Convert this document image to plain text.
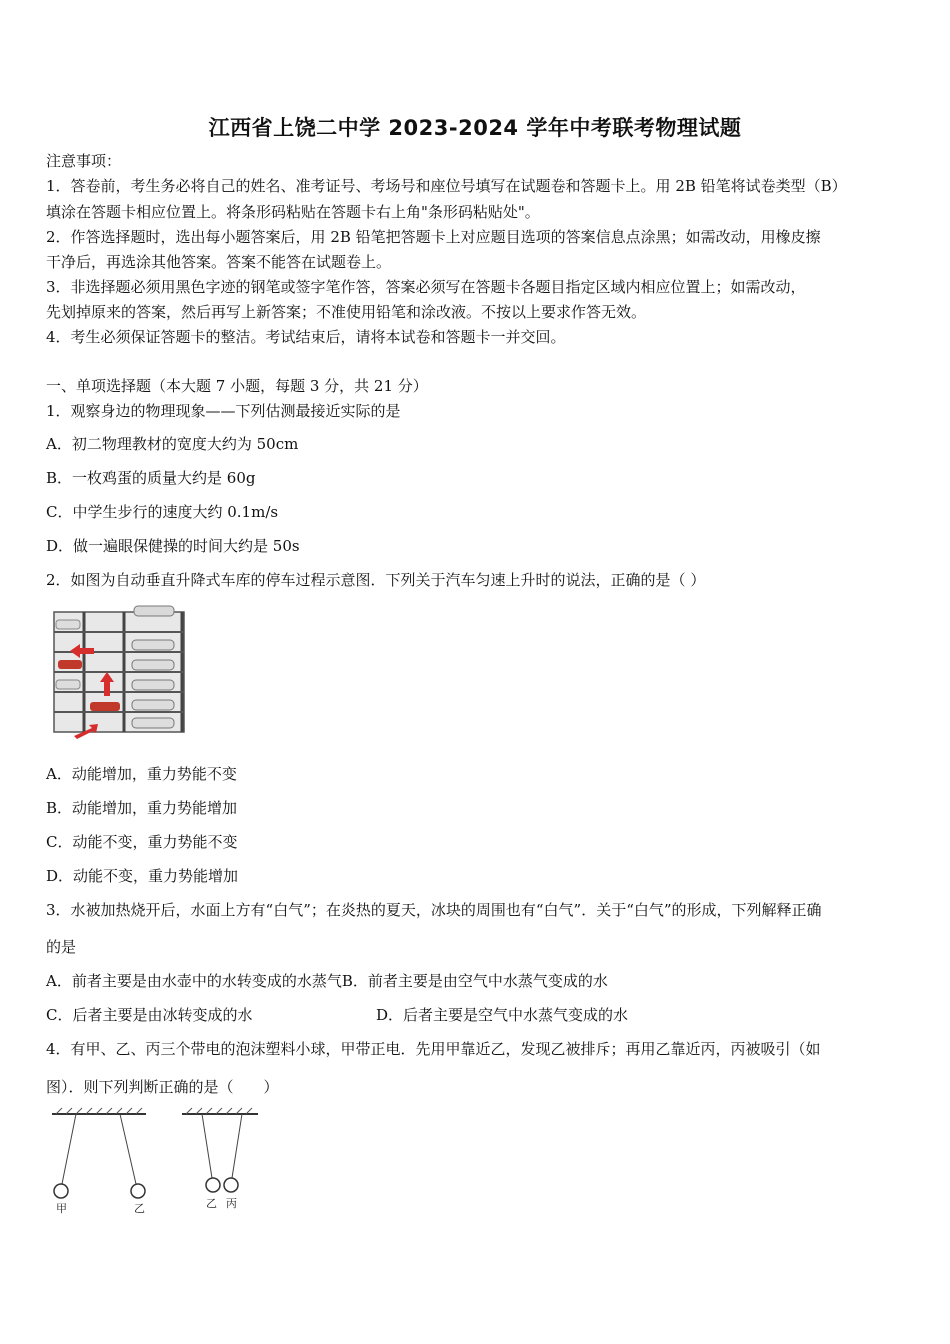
江西省上饶二中学 2023-2024 学年中考联考物理试题
注意事项：
1．答卷前，考生务必将自己的姓名、准考证号、考场号和座位号填写在试题卷和答题卡上。用 2B 铅笔将试卷类型（B）
填涂在答题卡相应位置上。将条形码粘贴在答题卡右上角"条形码粘贴处"。
2．作答选择题时，选出每小题答案后，用 2B 铅笔把答题卡上对应题目选项的答案信息点涂黑；如需改动，用橡皮擦
干净后，再选涂其他答案。答案不能答在试题卷上。
3．非选择题必须用黑色字迹的钢笔或签字笔作答，答案必须写在答题卡各题目指定区域内相应位置上；如需改动，
先划掉原来的答案，然后再写上新答案；不准使用铅笔和涂改液。不按以上要求作答无效。
4．考生必须保证答题卡的整洁。考试结束后，请将本试卷和答题卡一并交回。
一、单项选择题（本大题 7 小题，每题 3 分，共 21 分）
1．观察身边的物理现象——下列估测最接近实际的是
A．初二物理教材的宽度大约为 50cm
B．一枚鸡蛋的质量大约是 60g
C．中学生步行的速度大约 0.1m/s
D．做一遍眼保健操的时间大约是 50s
2．如图为自动垂直升降式车库的停车过程示意图．下列关于汽车匀速上升时的说法，正确的是（ ）
A．动能增加，重力势能不变
B．动能增加，重力势能增加
C．动能不变，重力势能不变
D．动能不变，重力势能增加
3．水被加热烧开后，水面上方有“白气”；在炎热的夏天，冰块的周围也有“白气”．关于“白气”的形成，下列解释正确
的是
A．前者主要是由水壶中的水转变成的水蒸气B．前者主要是由空气中水蒸气变成的水
C．后者主要是由冰转变成的水	D．后者主要是空气中水蒸气变成的水
4．有甲、乙、丙三个带电的泡沫塑料小球，甲带正电．先用甲靠近乙，发现乙被排斥；再用乙靠近丙，丙被吸引（如
图）．则下列判断正确的是（　　）
甲	乙	乙 丙
